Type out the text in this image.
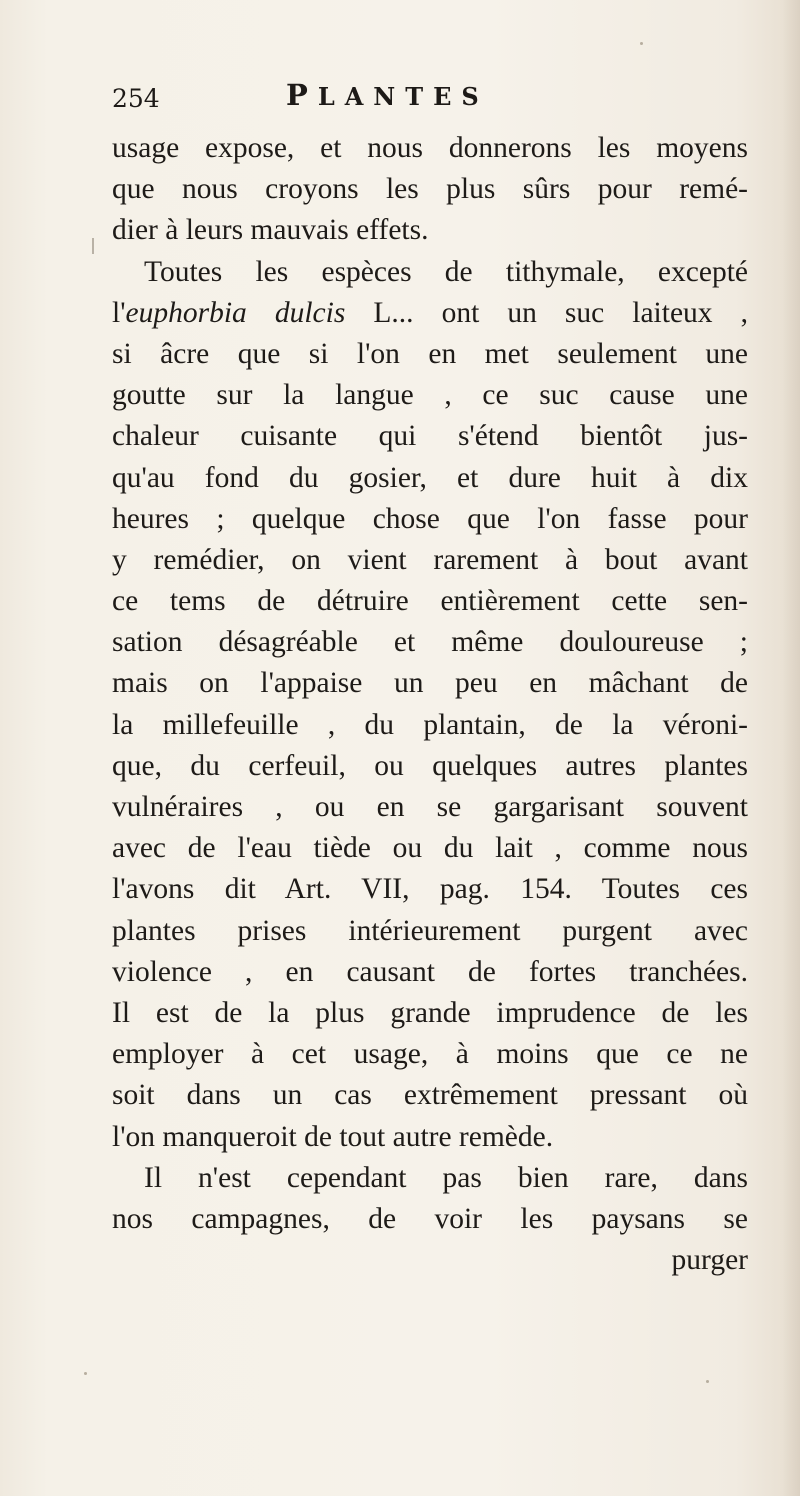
254	PLANTES
usage expose, et nous donnerons les moyens
que nous croyons les plus sûrs pour remé-
dier à leurs mauvais effets.
Toutes les espèces de tithymale, excepté
l'euphorbia dulcis L... ont un suc laiteux ,
si âcre que si l'on en met seulement une
goutte sur la langue , ce suc cause une
chaleur cuisante qui s'étend bientôt jus-
qu'au fond du gosier, et dure huit à dix
heures ; quelque chose que l'on fasse pour
y remédier, on vient rarement à bout avant
ce tems de détruire entièrement cette sen-
sation désagréable et même douloureuse ;
mais on l'appaise un peu en mâchant de
la millefeuille , du plantain, de la véroni-
que, du cerfeuil, ou quelques autres plantes
vulnéraires , ou en se gargarisant souvent
avec de l'eau tiède ou du lait , comme nous
l'avons dit Art. VII, pag. 154. Toutes ces
plantes prises intérieurement purgent avec
violence , en causant de fortes tranchées.
Il est de la plus grande imprudence de les
employer à cet usage, à moins que ce ne
soit dans un cas extrêmement pressant où
l'on manqueroit de tout autre remède.
Il n'est cependant pas bien rare, dans
nos campagnes, de voir les paysans se
purger
